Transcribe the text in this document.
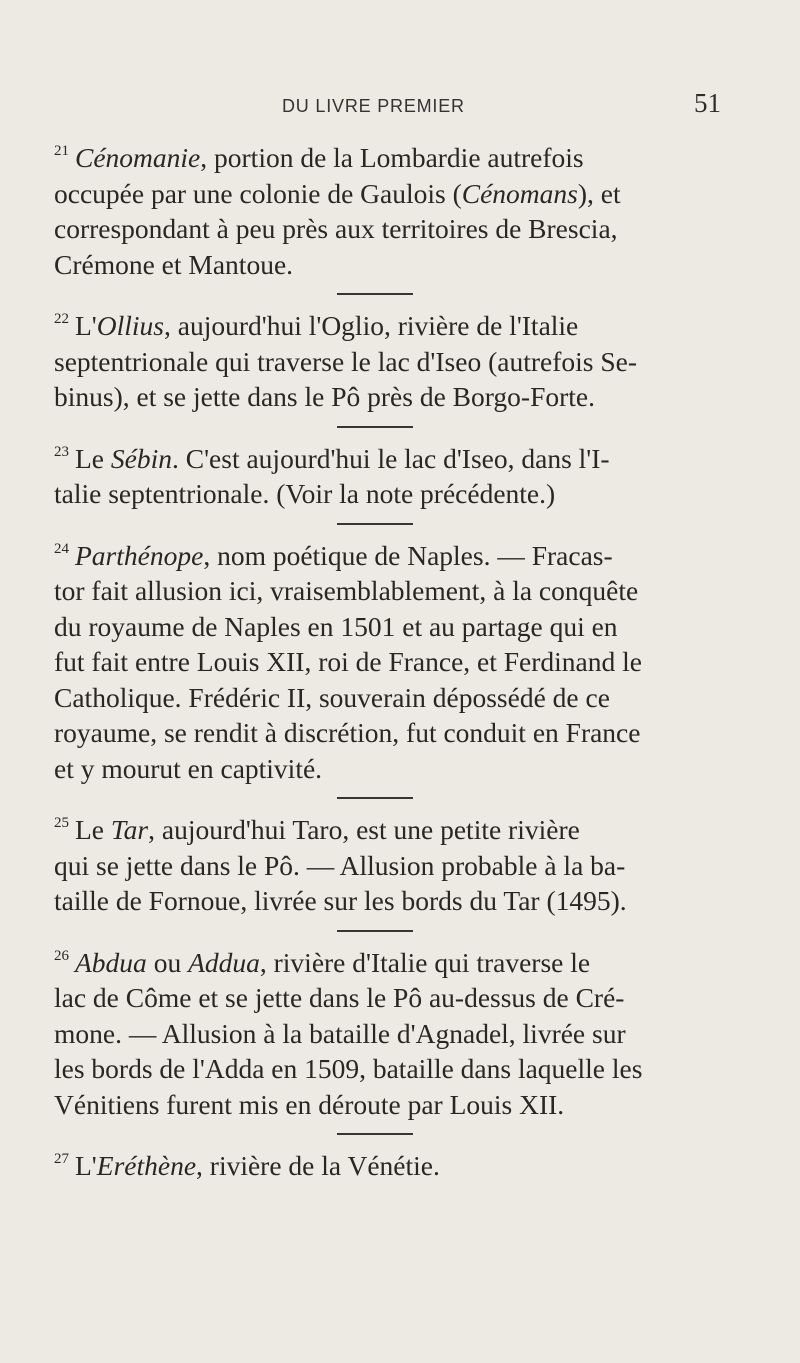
DU LIVRE PREMIER	51

$^{21}$ Cénomanie, portion de la Lombardie autrefois
occupée par une colonie de Gaulois (Cénomans), et
correspondant à peu près aux territoires de Brescia,
Crémone et Mantoue.

$^{22}$ L'Ollius, aujourd'hui l'Oglio, rivière de l'Italie
septentrionale qui traverse le lac d'Iseo (autrefois Se-
binus), et se jette dans le Pô près de Borgo-Forte.

$^{23}$ Le Sébin. C'est aujourd'hui le lac d'Iseo, dans l'I-
talie septentrionale. (Voir la note précédente.)

$^{24}$ Parthénope, nom poétique de Naples. — Fracas-
tor fait allusion ici, vraisemblablement, à la conquête
du royaume de Naples en 1501 et au partage qui en
fut fait entre Louis XII, roi de France, et Ferdinand le
Catholique. Frédéric II, souverain dépossédé de ce
royaume, se rendit à discrétion, fut conduit en France
et y mourut en captivité.

$^{25}$ Le Tar, aujourd'hui Taro, est une petite rivière
qui se jette dans le Pô. — Allusion probable à la ba-
taille de Fornoue, livrée sur les bords du Tar (1495).

$^{26}$ Abdua ou Addua, rivière d'Italie qui traverse le
lac de Côme et se jette dans le Pô au-dessus de Cré-
mone. — Allusion à la bataille d'Agnadel, livrée sur
les bords de l'Adda en 1509, bataille dans laquelle les
Vénitiens furent mis en déroute par Louis XII.

$^{27}$ L'Eréthène, rivière de la Vénétie.
